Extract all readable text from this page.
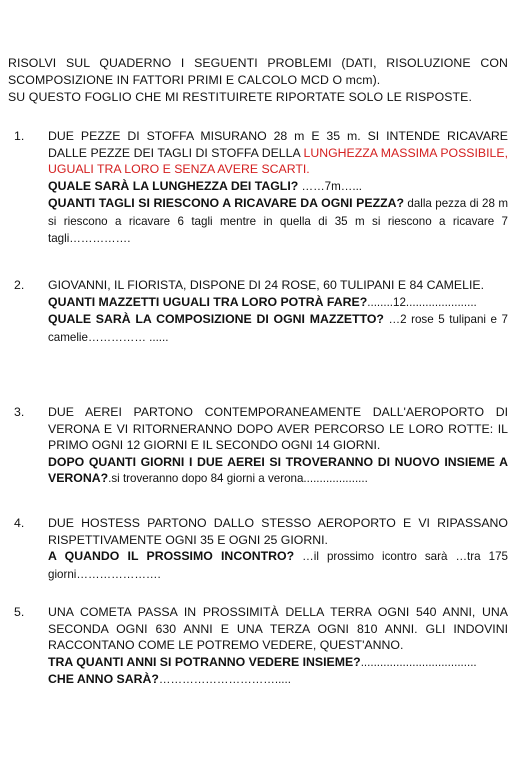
RISOLVI SUL QUADERNO I SEGUENTI PROBLEMI (DATI, RISOLUZIONE CON SCOMPOSIZIONE IN FATTORI PRIMI E CALCOLO MCD O mcm).

SU QUESTO FOGLIO CHE MI RESTITUIRETE RIPORTATE SOLO LE RISPOSTE.

1.	DUE PEZZE DI STOFFA MISURANO 28 m E 35 m. SI INTENDE RICAVARE DALLE PEZZE DEI TAGLI DI STOFFA DELLA LUNGHEZZA MASSIMA POSSIBILE, UGUALI TRA LORO E SENZA AVERE SCARTI.

QUALE SARÀ LA LUNGHEZZA DEI TAGLI? ……7m…...

QUANTI TAGLI SI RIESCONO A RICAVARE DA OGNI PEZZA? dalla pezza di 28 m si riescono a ricavare 6 tagli mentre in quella di 35 m si riescono a ricavare 7 tagli…………….

2.	GIOVANNI, IL FIORISTA, DISPONE DI 24 ROSE, 60 TULIPANI E 84 CAMELIE.

QUANTI MAZZETTI UGUALI TRA LORO POTRÀ FARE?........12......................

QUALE SARÀ LA COMPOSIZIONE DI OGNI MAZZETTO? …2 rose 5 tulipani e 7 camelie…………… ......

3.	DUE AEREI PARTONO CONTEMPORANEAMENTE DALL'AEROPORTO DI VERONA E VI RITORNERANNO DOPO AVER PERCORSO LE LORO ROTTE: IL PRIMO OGNI 12 GIORNI E IL SECONDO OGNI 14 GIORNI.

DOPO QUANTI GIORNI I DUE AEREI SI TROVERANNO DI NUOVO INSIEME A VERONA?.si troveranno dopo 84 giorni a verona....................

4.	DUE HOSTESS PARTONO DALLO STESSO AEROPORTO E VI RIPASSANO RISPETTIVAMENTE OGNI 35 E OGNI 25 GIORNI.

A QUANDO IL PROSSIMO INCONTRO? …il prossimo icontro sarà …tra 175 giorni………………….

5.	UNA COMETA PASSA IN PROSSIMITÀ DELLA TERRA OGNI 540 ANNI, UNA SECONDA OGNI 630 ANNI E UNA TERZA OGNI 810 ANNI. GLI INDOVINI RACCONTANO COME LE POTREMO VEDERE, QUEST'ANNO.

TRA QUANTI ANNI SI POTRANNO VEDERE INSIEME?....................................

CHE ANNO SARÀ?………………………….....
